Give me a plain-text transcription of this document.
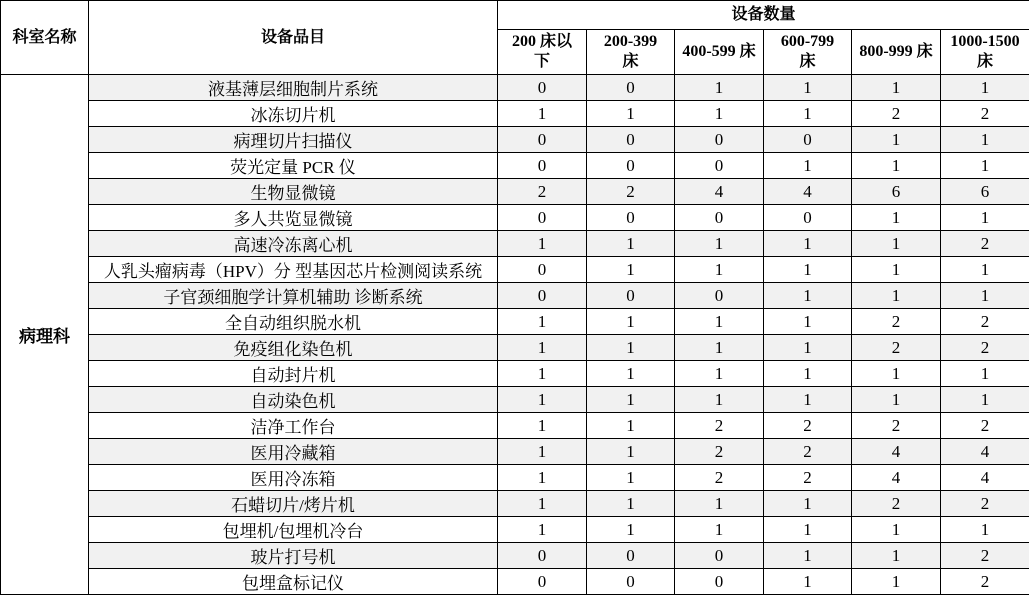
科室名称	设备品目	设备数量					
		200 床以下	200-399 床	400-599 床	600-799 床	800-999 床	1000-1500 床
病理科	液基薄层细胞制片系统	0	0	1	1	1	1
	冰冻切片机	1	1	1	1	2	2
	病理切片扫描仪	0	0	0	0	1	1
	荧光定量 PCR 仪	0	0	0	1	1	1
	生物显微镜	2	2	4	4	6	6
	多人共览显微镜	0	0	0	0	1	1
	高速冷冻离心机	1	1	1	1	1	2
	人乳头瘤病毒（HPV）分 型基因芯片检测阅读系统	0	1	1	1	1	1
	子官颈细胞学计算机辅助 诊断系统	0	0	0	1	1	1
	全自动组织脱水机	1	1	1	1	2	2
	免疫组化染色机	1	1	1	1	2	2
	自动封片机	1	1	1	1	1	1
	自动染色机	1	1	1	1	1	1
	洁净工作台	1	1	2	2	2	2
	医用冷藏箱	1	1	2	2	4	4
	医用冷冻箱	1	1	2	2	4	4
	石蜡切片/烤片机	1	1	1	1	2	2
	包埋机/包埋机冷台	1	1	1	1	1	1
	玻片打号机	0	0	0	1	1	2
	包埋盒标记仪	0	0	0	1	1	2
